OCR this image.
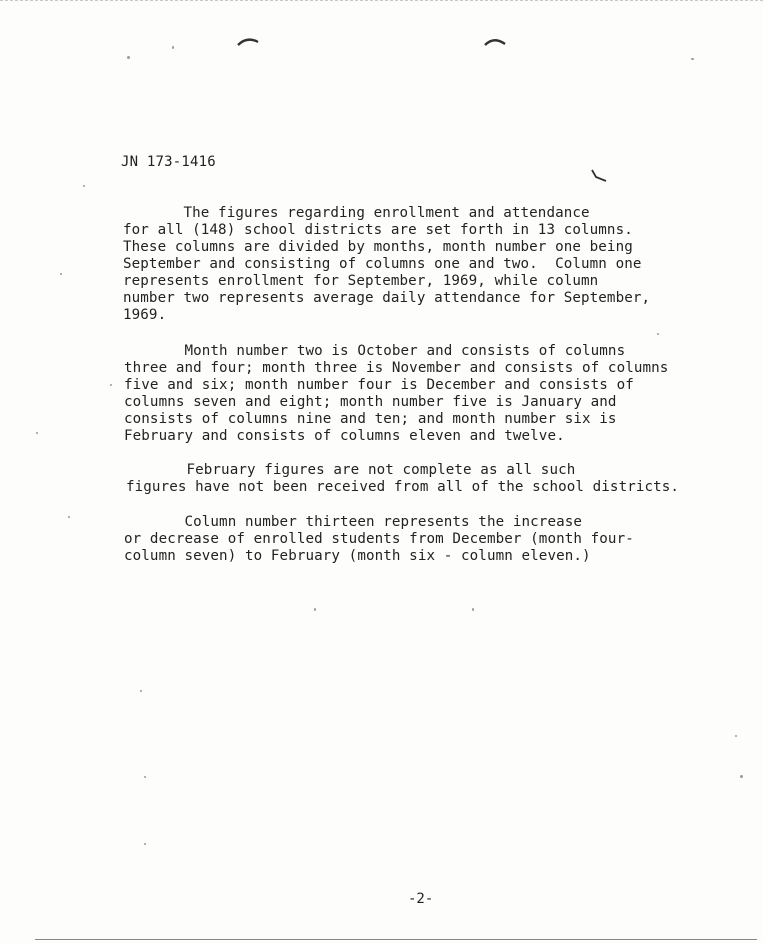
JN 173-1416
The figures regarding enrollment and attendance
for all (148) school districts are set forth in 13 columns.
These columns are divided by months, month number one being
September and consisting of columns one and two.  Column one
represents enrollment for September, 1969, while column
number two represents average daily attendance for September,
1969.
Month number two is October and consists of columns
three and four; month three is November and consists of columns
five and six; month number four is December and consists of
columns seven and eight; month number five is January and
consists of columns nine and ten; and month number six is
February and consists of columns eleven and twelve.
February figures are not complete as all such
figures have not been received from all of the school districts.
Column number thirteen represents the increase
or decrease of enrolled students from December (month four-
column seven) to February (month six - column eleven.)
-2-
